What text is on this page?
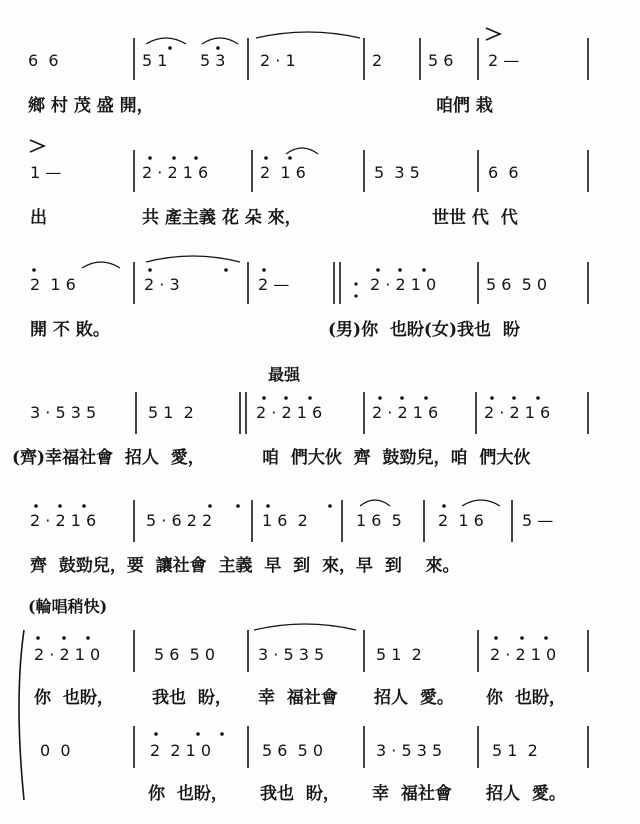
6  6	5 1 5 3 2 · 1	2	5 6 2 —
鄉 村 茂 盛 開，	咱們 栽
1 —	2 · 2 1 6	2  1 6	5  3 5	6  6
出	共 產主義 花 朵 來，	世世 代  代
2  1 6	2 · 3	2 —	2 · 2 1 0	5 6  5 0
開 不 敗。	(男)你  也盼(女)我也  盼
最强
3 · 5 3 5	5 1  2	2 · 2 1 6	2 · 2 1 6	2 · 2 1 6
(齊)幸福社會  招人  愛，	咱  們大伙  齊  鼓勁兒，咱  們大伙
2 · 2 1 6	5 · 6 2 2	1 6  2	1 6  5 2  1 6 5 —
齊  鼓勁兒，要  讓社會  主義  早  到  來，早  到    來。
(輪唱稍快)
2 · 2 1 0	5 6  5 0	3 · 5 3 5	5 1  2	2 · 2 1 0
你  也盼， 我也  盼， 幸  福社會 招人  愛。 你  也盼，
0  0	2  2 1 0	5 6  5 0	3 · 5 3 5	5 1  2
你  也盼， 我也  盼， 幸  福社會 招人  愛。
